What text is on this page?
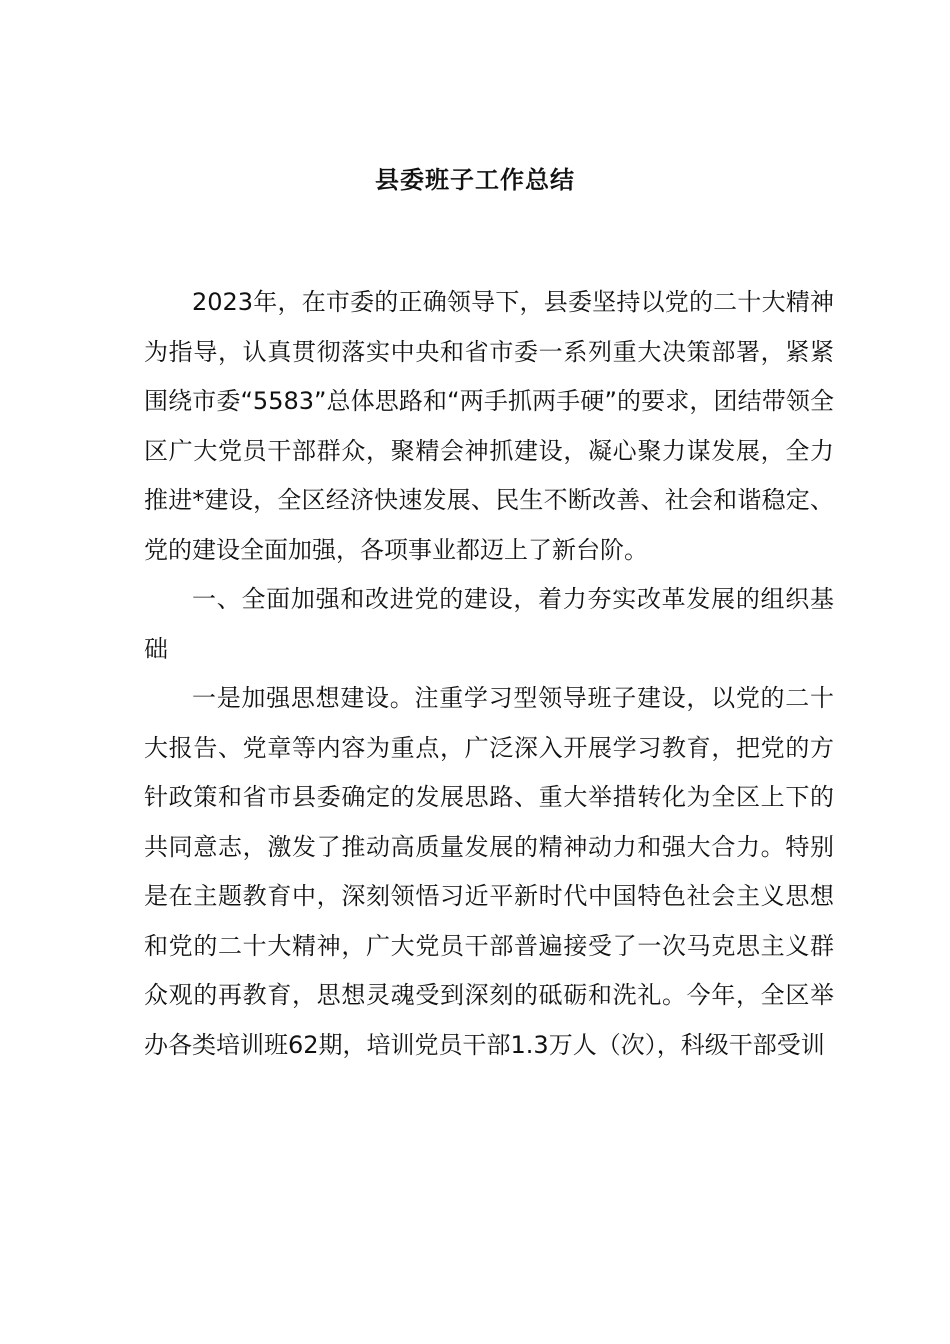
县委班子工作总结

2023年，在市委的正确领导下，县委坚持以党的二十大精神为指导，认真贯彻落实中央和省市委一系列重大决策部署，紧紧围绕市委“5583”总体思路和“两手抓两手硬”的要求，团结带领全区广大党员干部群众，聚精会神抓建设，凝心聚力谋发展，全力推进*建设，全区经济快速发展、民生不断改善、社会和谐稳定、党的建设全面加强，各项事业都迈上了新台阶。

一、全面加强和改进党的建设，着力夯实改革发展的组织基础

一是加强思想建设。注重学习型领导班子建设，以党的二十大报告、党章等内容为重点，广泛深入开展学习教育，把党的方针政策和省市县委确定的发展思路、重大举措转化为全区上下的共同意志，激发了推动高质量发展的精神动力和强大合力。特别是在主题教育中，深刻领悟习近平新时代中国特色社会主义思想和党的二十大精神，广大党员干部普遍接受了一次马克思主义群众观的再教育，思想灵魂受到深刻的砥砺和洗礼。今年，全区举办各类培训班62期，培训党员干部1.3万人（次），科级干部受训
